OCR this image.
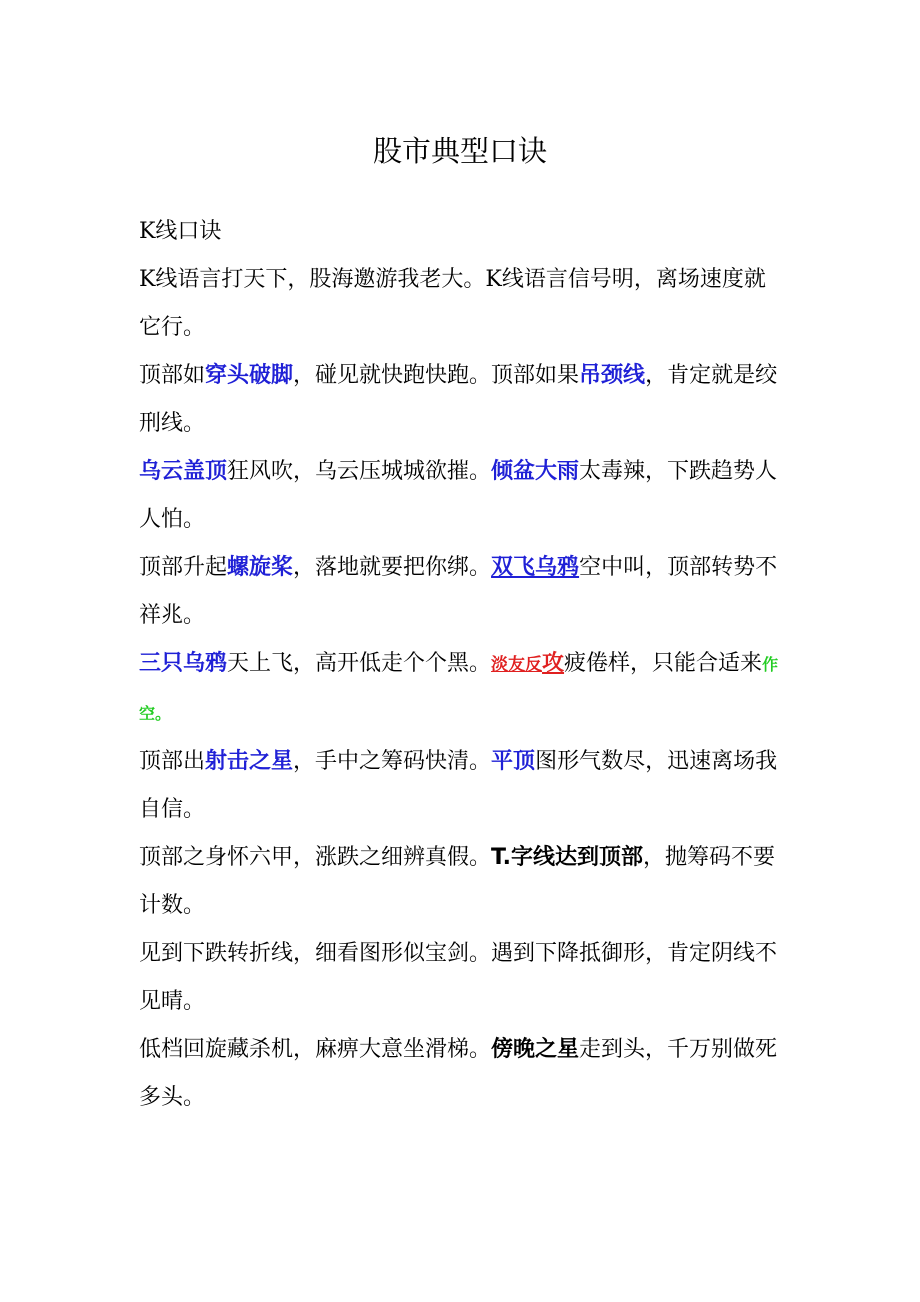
股市典型口诀

K线口诀

K线语言打天下，股海邀游我老大。K线语言信号明，离场速度就它行。

顶部如穿头破脚，碰见就快跑快跑。顶部如果吊颈线，肯定就是绞刑线。

乌云盖顶狂风吹，乌云压城城欲摧。倾盆大雨太毒辣，下跌趋势人人怕。

顶部升起螺旋桨，落地就要把你绑。双飞乌鸦空中叫，顶部转势不祥兆。

三只乌鸦天上飞，高开低走个个黑。淡友反攻疲倦样，只能合适来作空。

顶部出射击之星，手中之筹码快清。平顶图形气数尽，迅速离场我自信。

顶部之身怀六甲，涨跌之细辨真假。T.字线达到顶部，抛筹码不要计数。

见到下跌转折线，细看图形似宝剑。遇到下降抵御形，肯定阴线不见晴。

低档回旋藏杀机，麻痹大意坐滑梯。傍晚之星走到头，千万别做死多头。
